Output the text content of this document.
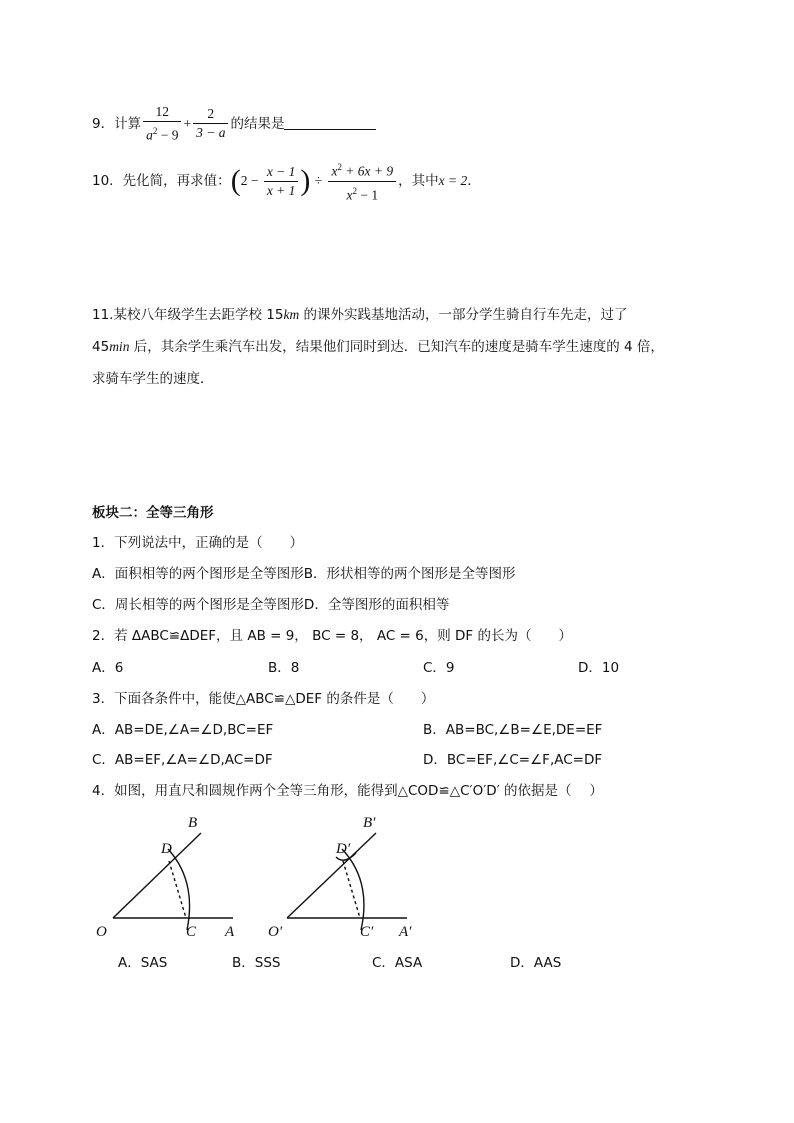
9．计算 $\frac{12}{a^2 - 9} + \frac{2}{3 - a}$ 的结果是
10．先化简，再求值：($2 - \frac{x - 1}{x + 1}$ ) ÷ $\frac{x^2 + 6x + 9}{x^2 - 1}$ ，其中x = 2．
11.某校八年级学生去距学校 15km 的课外实践基地活动，一部分学生骑自行车先走，过了
45min 后，其余学生乘汽车出发，结果他们同时到达．已知汽车的速度是骑车学生速度的 4 倍，
求骑车学生的速度．
板块二：全等三角形
1．下列说法中，正确的是（　　）
A．面积相等的两个图形是全等图形B．形状相等的两个图形是全等图形
C．周长相等的两个图形是全等图形D．全等图形的面积相等
2．若 ΔABC≌ΔDEF，且 AB = 9， BC = 8， AC = 6，则 DF 的长为（　　）
A．6	B．8	C．9	D．10
3．下面各条件中，能使△ABC≌△DEF 的条件是（　　）
A．AB=DE,∠A=∠D,BC=EF	B．AB=BC,∠B=∠E,DE=EF
C．AB=EF,∠A=∠D,AC=DF	D．BC=EF,∠C=∠F,AC=DF
4．如图，用直尺和圆规作两个全等三角形，能得到△COD≌△C′O′D′ 的依据是（　 ）
B
D
O	C A
B′
D′
O′	C′ A′
A．SAS	B．SSS	C．ASA	D．AAS
